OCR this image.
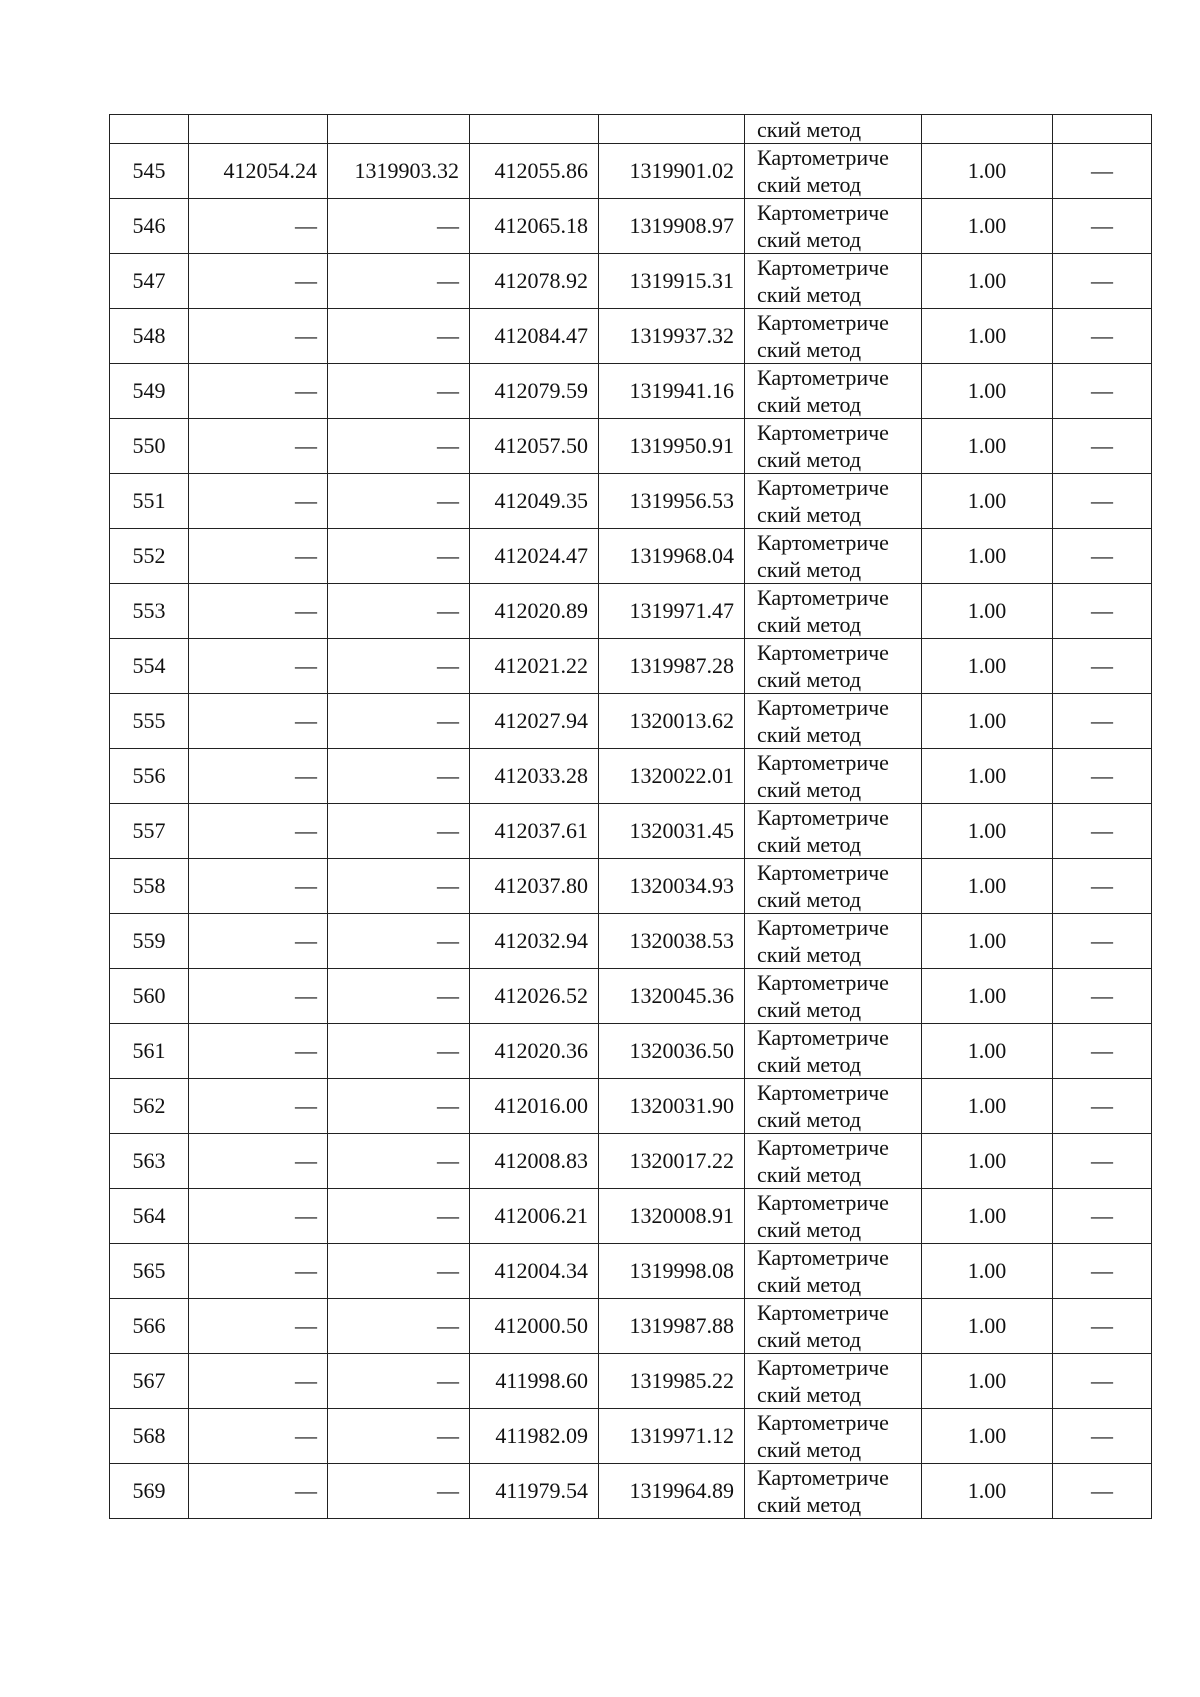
					ский метод		
545	412054.24	1319903.32	412055.86	1319901.02	Картометриче
ский метод	1.00	—
546	—	—	412065.18	1319908.97	Картометриче
ский метод	1.00	—
547	—	—	412078.92	1319915.31	Картометриче
ский метод	1.00	—
548	—	—	412084.47	1319937.32	Картометриче
ский метод	1.00	—
549	—	—	412079.59	1319941.16	Картометриче
ский метод	1.00	—
550	—	—	412057.50	1319950.91	Картометриче
ский метод	1.00	—
551	—	—	412049.35	1319956.53	Картометриче
ский метод	1.00	—
552	—	—	412024.47	1319968.04	Картометриче
ский метод	1.00	—
553	—	—	412020.89	1319971.47	Картометриче
ский метод	1.00	—
554	—	—	412021.22	1319987.28	Картометриче
ский метод	1.00	—
555	—	—	412027.94	1320013.62	Картометриче
ский метод	1.00	—
556	—	—	412033.28	1320022.01	Картометриче
ский метод	1.00	—
557	—	—	412037.61	1320031.45	Картометриче
ский метод	1.00	—
558	—	—	412037.80	1320034.93	Картометриче
ский метод	1.00	—
559	—	—	412032.94	1320038.53	Картометриче
ский метод	1.00	—
560	—	—	412026.52	1320045.36	Картометриче
ский метод	1.00	—
561	—	—	412020.36	1320036.50	Картометриче
ский метод	1.00	—
562	—	—	412016.00	1320031.90	Картометриче
ский метод	1.00	—
563	—	—	412008.83	1320017.22	Картометриче
ский метод	1.00	—
564	—	—	412006.21	1320008.91	Картометриче
ский метод	1.00	—
565	—	—	412004.34	1319998.08	Картометриче
ский метод	1.00	—
566	—	—	412000.50	1319987.88	Картометриче
ский метод	1.00	—
567	—	—	411998.60	1319985.22	Картометриче
ский метод	1.00	—
568	—	—	411982.09	1319971.12	Картометриче
ский метод	1.00	—
569	—	—	411979.54	1319964.89	Картометриче
ский метод	1.00	—
